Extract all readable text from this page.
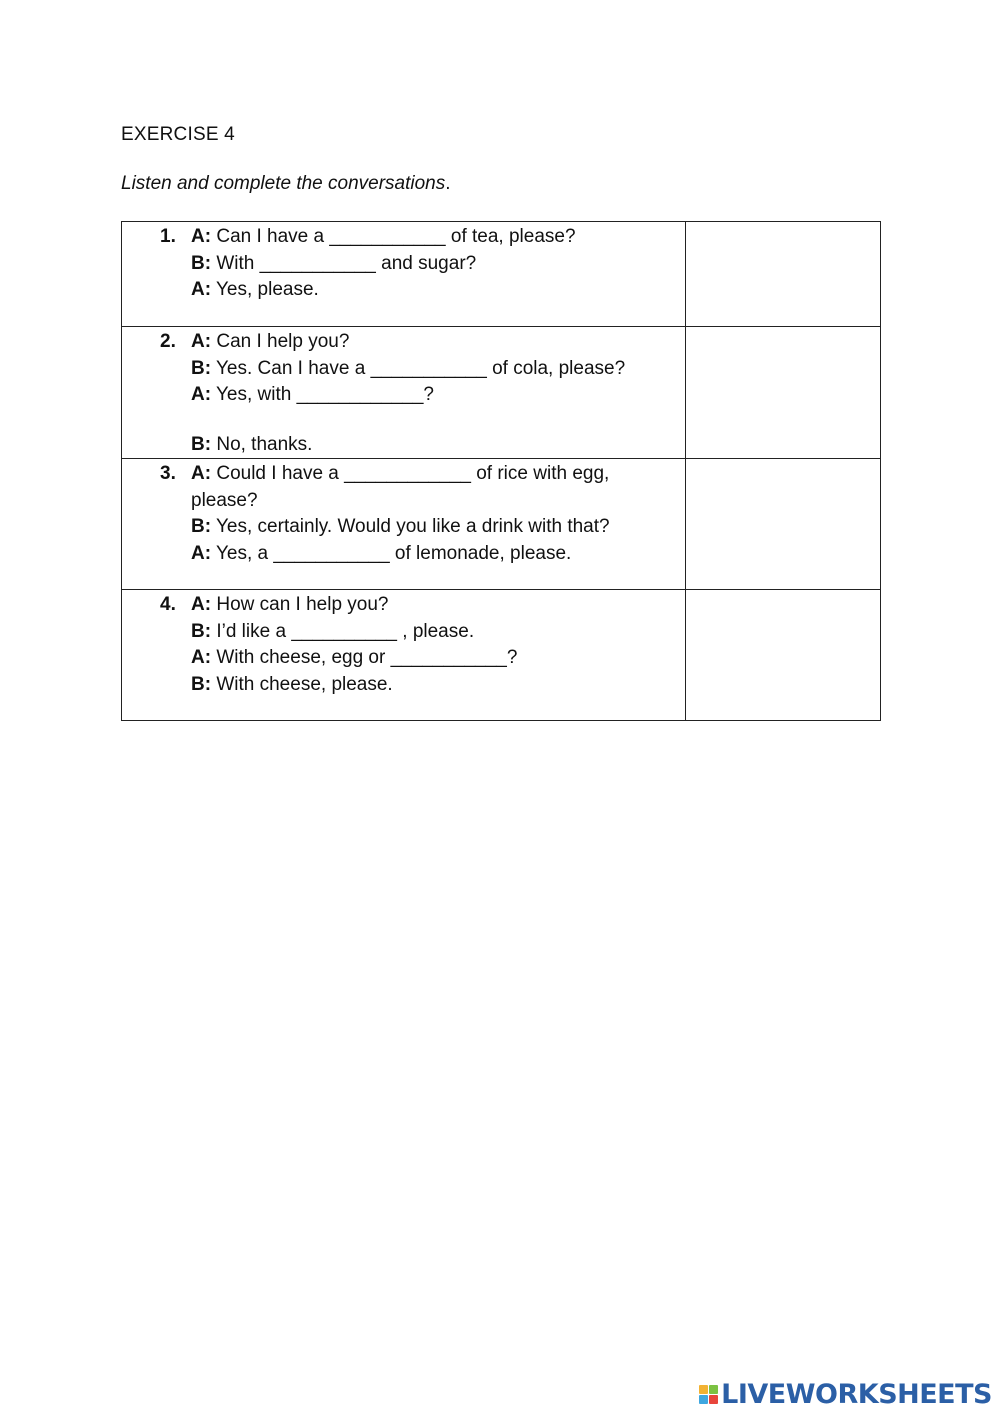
EXERCISE 4
Listen and complete the conversations.
1. A: Can I have a ___________ of tea, please?
B: With ___________ and sugar?
A: Yes, please.	

2. A: Can I help you?
B: Yes. Can I have a ___________ of cola, please?
A: Yes, with ____________?
B: No, thanks.	

3. A: Could I have a ____________ of rice with egg, please?
B: Yes, certainly. Would you like a drink with that?
A: Yes, a ___________ of lemonade, please.	

4. A: How can I help you?
B: I’d like a __________ , please.
A: With cheese, egg or ___________?
B: With cheese, please.	

LIVEWORKSHEETS
